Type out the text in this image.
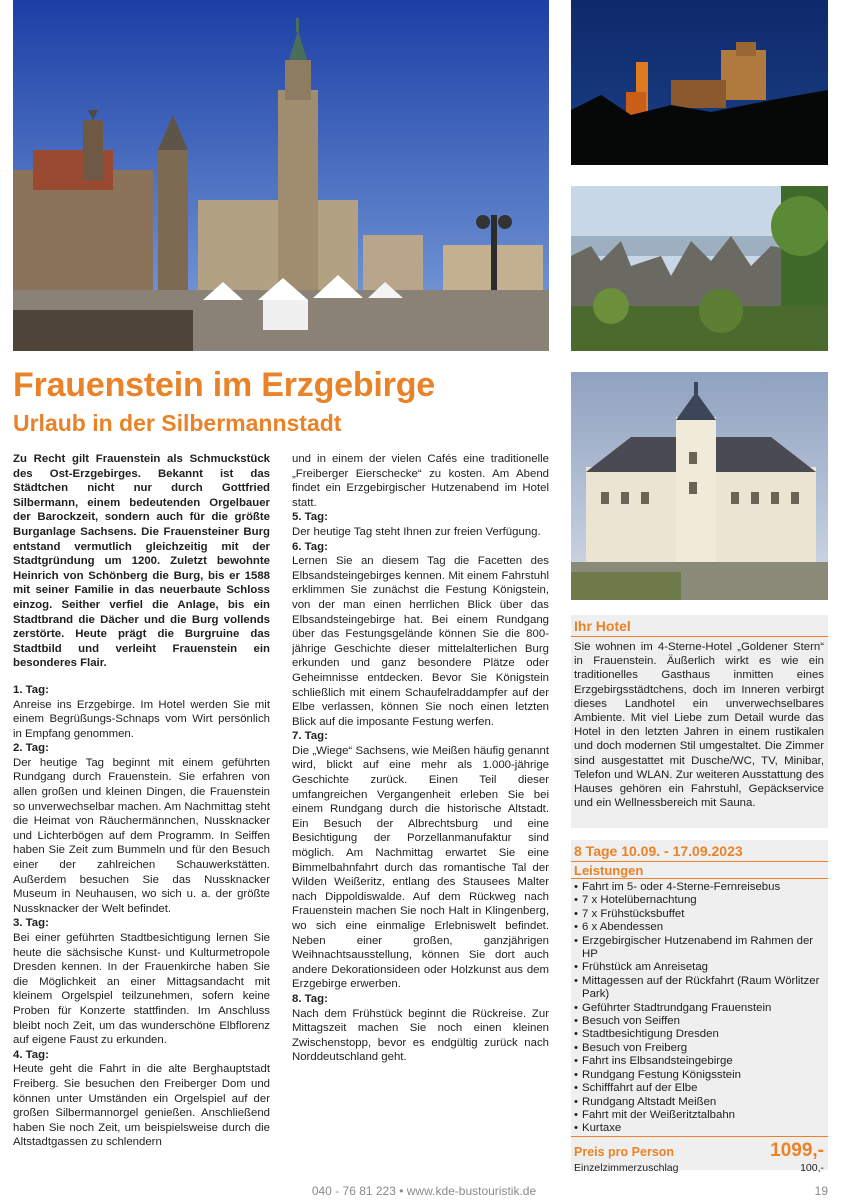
Frauenstein im Erzgebirge
Urlaub in der Silbermannstadt

Zu Recht gilt Frauenstein als Schmuckstück des Ost-Erzgebirges. Bekannt ist das Städtchen nicht nur durch Gottfried Silbermann, einem bedeutenden Orgelbauer der Barockzeit, sondern auch für die größte Burganlage Sachsens. Die Frauensteiner Burg entstand vermutlich gleichzeitig mit der Stadtgründung um 1200. Zuletzt bewohnte Heinrich von Schönberg die Burg, bis er 1588 mit seiner Familie in das neuerbaute Schloss einzog. Seither verfiel die Anlage, bis ein Stadtbrand die Dächer und die Burg vollends zerstörte. Heute prägt die Burgruine das Stadtbild und verleiht Frauenstein ein besonderes Flair.

1. Tag:

Anreise ins Erzgebirge. Im Hotel werden Sie mit einem Begrüßungs-Schnaps vom Wirt persönlich in Empfang genommen.

2. Tag:

Der heutige Tag beginnt mit einem geführten Rundgang durch Frauenstein. Sie erfahren von allen großen und kleinen Dingen, die Frauenstein so unverwechselbar machen. Am Nachmittag steht die Heimat von Räuchermännchen, Nussknacker und Lichterbögen auf dem Programm. In Seiffen haben Sie Zeit zum Bummeln und für den Besuch einer der zahlreichen Schauwerkstätten. Außerdem besuchen Sie das Nussknacker Museum in Neuhausen, wo sich u. a. der größte Nussknacker der Welt befindet.

3. Tag:

Bei einer geführten Stadtbesichtigung lernen Sie heute die sächsische Kunst- und Kulturmetropole Dresden kennen. In der Frauenkirche haben Sie die Möglichkeit an einer Mittagsandacht mit kleinem Orgelspiel teilzunehmen, sofern keine Proben für Konzerte stattfinden. Im Anschluss bleibt noch Zeit, um das wunderschöne Elbflorenz auf eigene Faust zu erkunden.

4. Tag:

Heute geht die Fahrt in die alte Berghauptstadt Freiberg. Sie besuchen den Freiberger Dom und können unter Umständen ein Orgelspiel auf der großen Silbermannorgel genießen. Anschließend haben Sie noch Zeit, um beispielsweise durch die Altstadtgassen zu schlendern

und in einem der vielen Cafés eine traditionelle „Freiberger Eierschecke“ zu kosten. Am Abend findet ein Erzgebirgischer Hutzenabend im Hotel statt.

5. Tag:

Der heutige Tag steht Ihnen zur freien Verfügung.

6. Tag:

Lernen Sie an diesem Tag die Facetten des Elbsandsteingebirges kennen. Mit einem Fahrstuhl erklimmen Sie zunächst die Festung Königstein, von der man einen herrlichen Blick über das Elbsandsteingebirge hat. Bei einem Rundgang über das Festungsgelände können Sie die 800-jährige Geschichte dieser mittelalterlichen Burg erkunden und ganz besondere Plätze oder Geheimnisse entdecken. Bevor Sie Königstein schließlich mit einem Schaufelraddampfer auf der Elbe verlassen, können Sie noch einen letzten Blick auf die imposante Festung werfen.

7. Tag:

Die „Wiege“ Sachsens, wie Meißen häufig genannt wird, blickt auf eine mehr als 1.000-jährige Geschichte zurück. Einen Teil dieser umfangreichen Vergangenheit erleben Sie bei einem Rundgang durch die historische Altstadt. Ein Besuch der Albrechtsburg und eine Besichtigung der Porzellanmanufaktur sind möglich. Am Nachmittag erwartet Sie eine Bimmelbahnfahrt durch das romantische Tal der Wilden Weißeritz, entlang des Stausees Malter nach Dippoldiswalde. Auf dem Rückweg nach Frauenstein machen Sie noch Halt in Klingenberg, wo sich eine einmalige Erlebniswelt befindet. Neben einer großen, ganzjährigen Weihnachtsausstellung, können Sie dort auch andere Dekorationsideen oder Holzkunst aus dem Erzgebirge erwerben.

8. Tag:

Nach dem Frühstück beginnt die Rückreise. Zur Mittagszeit machen Sie noch einen kleinen Zwischenstopp, bevor es endgültig zurück nach Norddeutschland geht.

Ihr Hotel
Sie wohnen im 4-Sterne-Hotel „Goldener Stern“ in Frauenstein. Äußerlich wirkt es wie ein traditionelles Gasthaus inmitten eines Erzgebirgsstädtchens, doch im Inneren verbirgt dieses Landhotel ein unverwechselbares Ambiente. Mit viel Liebe zum Detail wurde das Hotel in den letzten Jahren in einem rustikalen und doch modernen Stil umgestaltet. Die Zimmer sind ausgestattet mit Dusche/WC, TV, Minibar, Telefon und WLAN. Zur weiteren Ausstattung des Hauses gehören ein Fahrstuhl, Gepäckservice und ein Wellnessbereich mit Sauna.
8 Tage 10.09. - 17.09.2023
Leistungen
• Fahrt im 5- oder 4-Sterne-Fernreisebus
• 7 x Hotelübernachtung
• 7 x Frühstücksbuffet
• 6 x Abendessen
• Erzgebirgischer Hutzenabend im Rahmen der HP
• Frühstück am Anreisetag
• Mittagessen auf der Rückfahrt (Raum Wörlitzer Park)
• Geführter Stadtrundgang Frauenstein
• Besuch von Seiffen
• Stadtbesichtigung Dresden
• Besuch von Freiberg
• Fahrt ins Elbsandsteingebirge
• Rundgang Festung Königsstein
• Schifffahrt auf der Elbe
• Rundgang Altstadt Meißen
• Fahrt mit der Weißeritztalbahn
• Kurtaxe
Preis pro Person	1099,-
Einzelzimmerzuschlag	100,-
040 - 76 81 223 • www.kde-bustouristik.de	19
